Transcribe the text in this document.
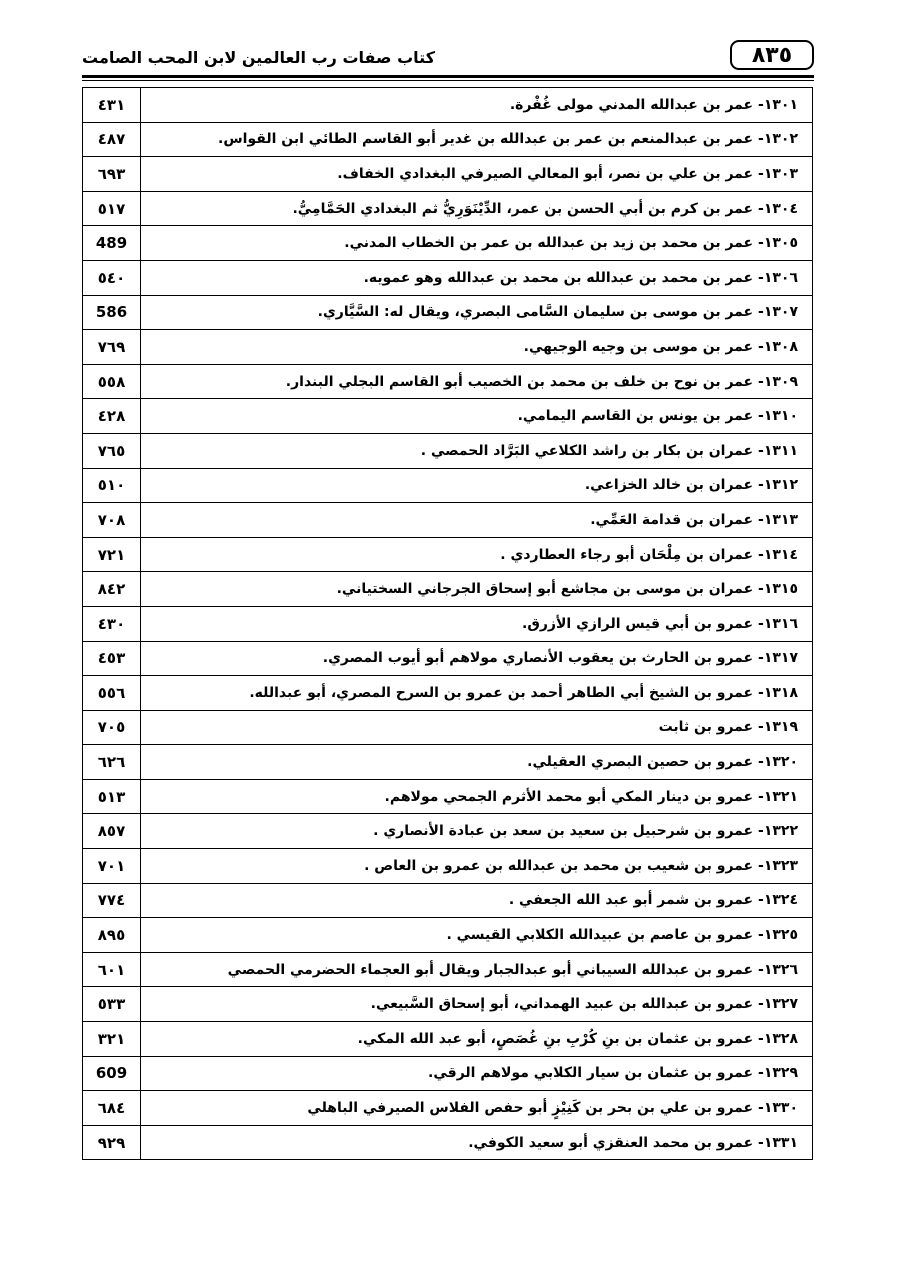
٨٣٥
كتاب صفات رب العالمين لابن المحب الصامت
٤٣١	١٣٠١- عمر بن عبدالله المدني مولى غُفْرة.
٤٨٧	١٣٠٢- عمر بن عبدالمنعم بن عمر بن عبدالله بن غدير أبو القاسم الطائي ابن القواس.
٦٩٣	١٣٠٣- عمر بن علي بن نصر، أبو المعالي الصيرفي البغدادي الخفاف.
٥١٧	١٣٠٤- عمر بن كرم بن أبي الحسن بن عمر، الدِّيْنَوَرِيُّ ثم البغدادي الحَمَّامِيُّ.
489	١٣٠٥- عمر بن محمد بن زيد بن عبدالله بن عمر بن الخطاب المدني.
٥٤٠	١٣٠٦- عمر بن محمد بن عبدالله بن محمد بن عبدالله وهو عمويه.
586	١٣٠٧- عمر بن موسى بن سليمان السَّامى البصري، ويقال له: السَّيَّاري.
٧٦٩	١٣٠٨- عمر بن موسى بن وجيه الوجيهي.
٥٥٨	١٣٠٩- عمر بن نوح بن خلف بن محمد بن الخصيب أبو القاسم البجلي البندار.
٤٢٨	١٣١٠- عمر بن يونس بن القاسم اليمامي.
٧٦٥	١٣١١- عمران بن بكار بن راشد الكلاعي البَرَّاد الحمصي .
٥١٠	١٣١٢- عمران بن خالد الخزاعي.
٧٠٨	١٣١٣- عمران بن قدامة العَمِّي.
٧٢١	١٣١٤- عمران بن مِلْحَان أبو رجاء العطاردي .
٨٤٢	١٣١٥- عمران بن موسى بن مجاشع أبو إسحاق الجرجاني السختياني.
٤٣٠	١٣١٦- عمرو بن أبي قيس الرازي الأزرق.
٤٥٣	١٣١٧- عمرو بن الحارث بن يعقوب الأنصاري مولاهم أبو أيوب المصري.
٥٥٦	١٣١٨- عمرو بن الشيخ أبي الطاهر أحمد بن عمرو بن السرح المصري، أبو عبدالله.
٧٠٥	١٣١٩- عمرو بن ثابت
٦٢٦	١٣٢٠- عمرو بن حصين البصري العقيلي.
٥١٣	١٣٢١- عمرو بن دينار المكي أبو محمد الأثرم الجمحي مولاهم.
٨٥٧	١٣٢٢- عمرو بن شرحبيل بن سعيد بن سعد بن عبادة الأنصاري .
٧٠١	١٣٢٣- عمرو بن شعيب بن محمد بن عبدالله بن عمرو بن العاص .
٧٧٤	١٣٢٤- عمرو بن شمر أبو عبد الله الجعفي .
٨٩٥	١٣٢٥- عمرو بن عاصم بن عبيدالله الكلابي القيسي .
٦٠١	١٣٢٦- عمرو بن عبدالله السيباني أبو عبدالجبار ويقال أبو العجماء الحضرمي الحمصي
٥٣٣	١٣٢٧- عمرو بن عبدالله بن عبيد الهمداني، أبو إسحاق السَّبيعي.
٣٢١	١٣٢٨- عمرو بن عثمان بن بنِ كُرْبِ بنِ غُصَصٍ، أبو عبد الله المكي.
609	١٣٢٩- عمرو بن عثمان بن سيار الكلابي مولاهم الرقي.
٦٨٤	١٣٣٠- عمرو بن علي بن بحر بن كَنِيْزٍ أبو حفص الفلاس الصيرفي الباهلي
٩٢٩	١٣٣١- عمرو بن محمد العنقزي أبو سعيد الكوفي.
